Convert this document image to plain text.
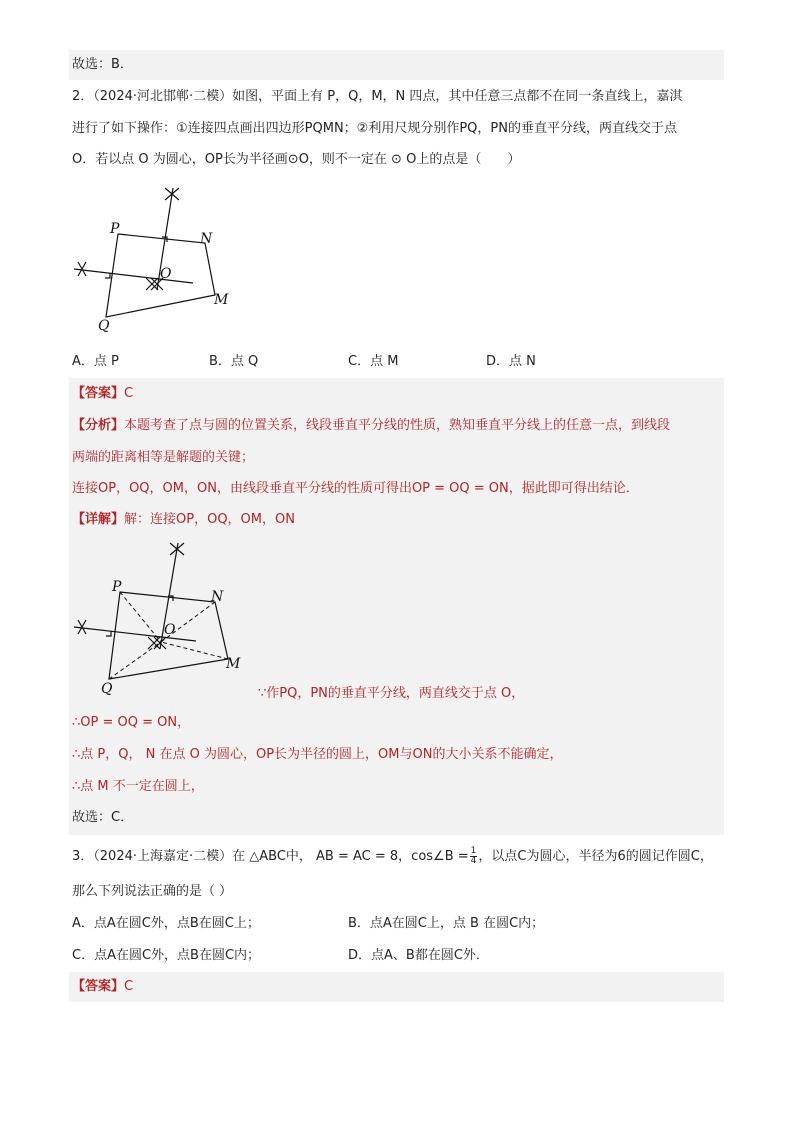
故选：B．
2．（2024·河北邯郸·二模）如图，平面上有 P，Q，M，N 四点，其中任意三点都不在同一条直线上，嘉淇
进行了如下操作：①连接四点画出四边形PQMN；②利用尺规分别作PQ，PN的垂直平分线，两直线交于点
O．若以点 O 为圆心，OP长为半径画⊙O，则不一定在 ⊙ O上的点是（　　）
P
N
O
Q
M
A．点 P	B．点 Q	C．点 M	D．点 N
【答案】C
【分析】本题考查了点与圆的位置关系，线段垂直平分线的性质，熟知垂直平分线上的任意一点，到线段
两端的距离相等是解题的关键；
连接OP，OQ，OM，ON，由线段垂直平分线的性质可得出OP = OQ = ON，据此即可得出结论．
【详解】解：连接OP，OQ，OM，ON
P
N
O
Q
M
∵作PQ，PN的垂直平分线，两直线交于点 O，
∴OP = OQ = ON，
∴点 P，Q， N 在点 O 为圆心，OP长为半径的圆上，OM与ON的大小关系不能确定，
∴点 M 不一定在圆上，
故选：C．
3．（2024·上海嘉定·二模）在 △ABC中， AB = AC = 8，cos∠B = $\frac{1}{4}$ ，以点C为圆心，半径为6的圆记作圆C，
那么下列说法正确的是（ ）
A．点A在圆C外，点B在圆C上；	B．点A在圆C上，点 B 在圆C内；
C．点A在圆C外，点B在圆C内；	D．点A、B都在圆C外．
【答案】C
